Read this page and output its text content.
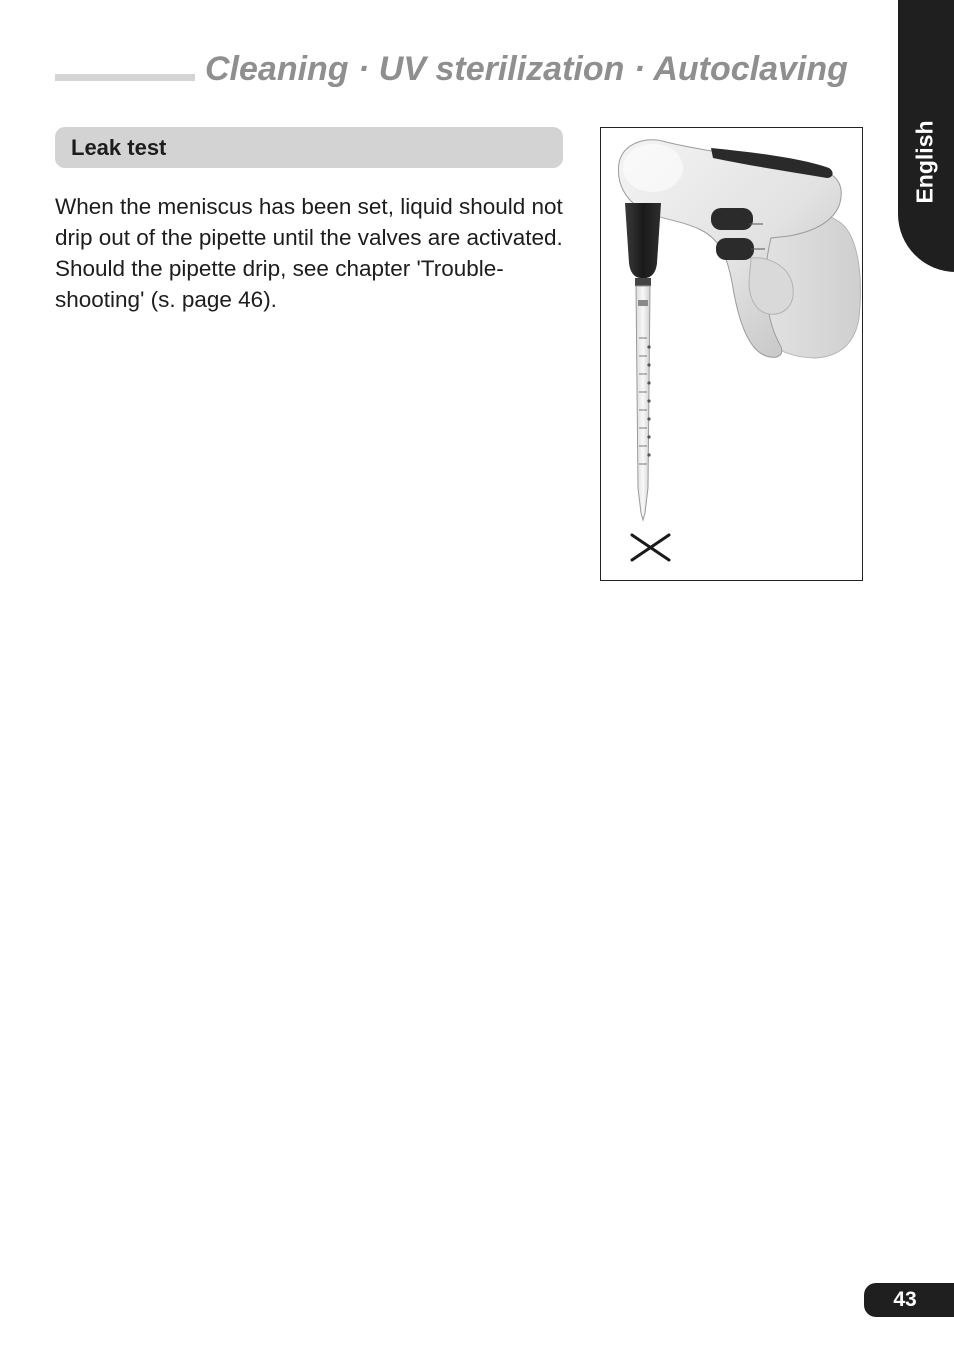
Cleaning · UV sterilization · Autoclaving
English
Leak test

When the meniscus has been set, liquid should not drip out of the pipette until the valves are activated.

Should the pipette drip, see chapter 'Trouble-shooting' (s. page 46).

43
